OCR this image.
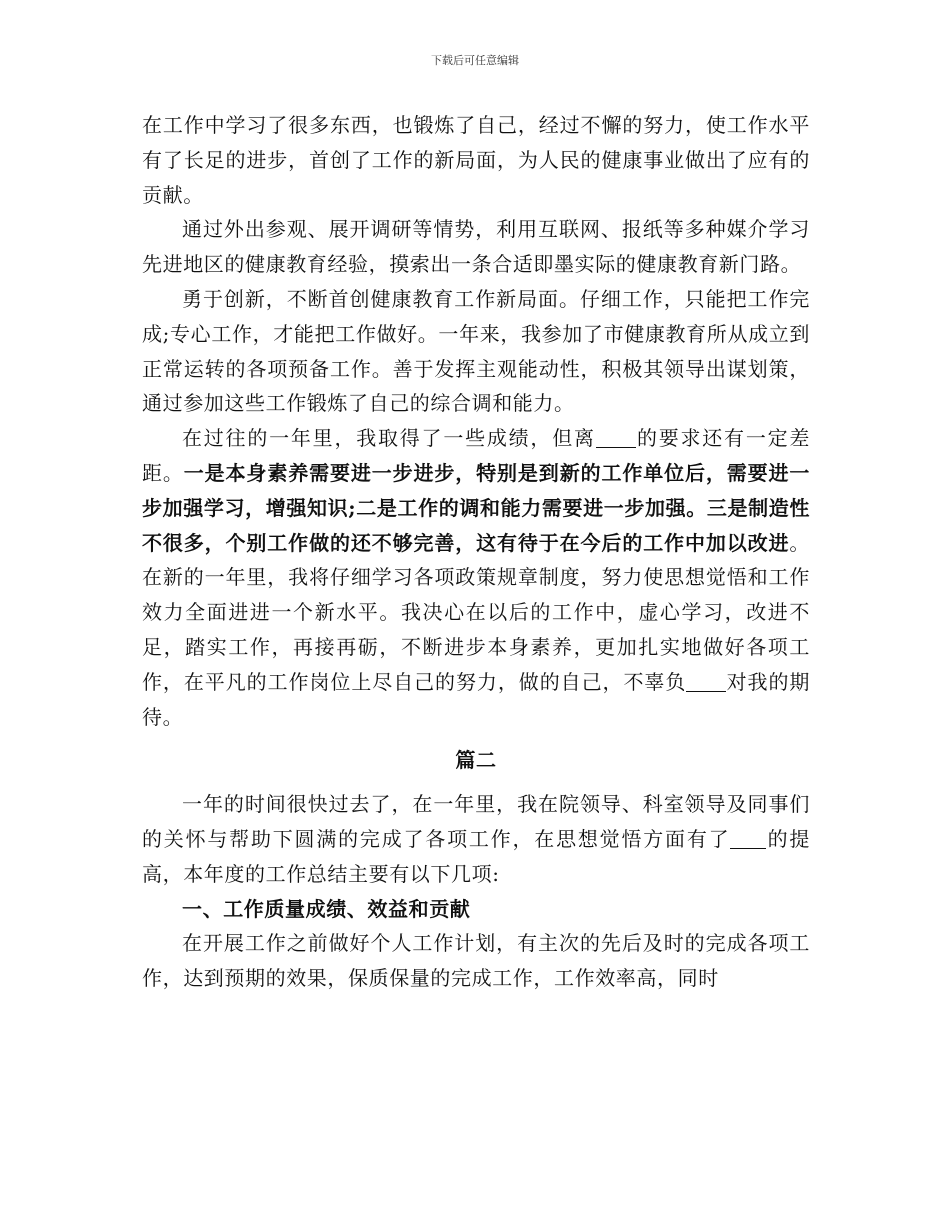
下载后可任意编辑

在工作中学习了很多东西，也锻炼了自己，经过不懈的努力，使工作水平有了长足的进步，首创了工作的新局面，为人民的健康事业做出了应有的贡献。

通过外出参观、展开调研等情势，利用互联网、报纸等多种媒介学习先进地区的健康教育经验，摸索出一条合适即墨实际的健康教育新门路。

勇于创新，不断首创健康教育工作新局面。仔细工作，只能把工作完成;专心工作，才能把工作做好。一年来，我参加了市健康教育所从成立到正常运转的各项预备工作。善于发挥主观能动性，积极其领导出谋划策，通过参加这些工作锻炼了自己的综合调和能力。

在过往的一年里，我取得了一些成绩，但离 的要求还有一定差距。一是本身素养需要进一步进步，特别是到新的工作单位后，需要进一步加强学习，增强知识;二是工作的调和能力需要进一步加强。三是制造性不很多，个别工作做的还不够完善，这有待于在今后的工作中加以改进。在新的一年里，我将仔细学习各项政策规章制度，努力使思想觉悟和工作效力全面进进一个新水平。我决心在以后的工作中，虚心学习，改进不足，踏实工作，再接再砺，不断进步本身素养，更加扎实地做好各项工作，在平凡的工作岗位上尽自己的努力，做的自己，不辜负 对我的期待。

篇二

一年的时间很快过去了，在一年里，我在院领导、科室领导及同事们的关怀与帮助下圆满的完成了各项工作，在思想觉悟方面有了 的提高，本年度的工作总结主要有以下几项:

一、工作质量成绩、效益和贡献

在开展工作之前做好个人工作计划，有主次的先后及时的完成各项工作，达到预期的效果，保质保量的完成工作，工作效率高，同时
